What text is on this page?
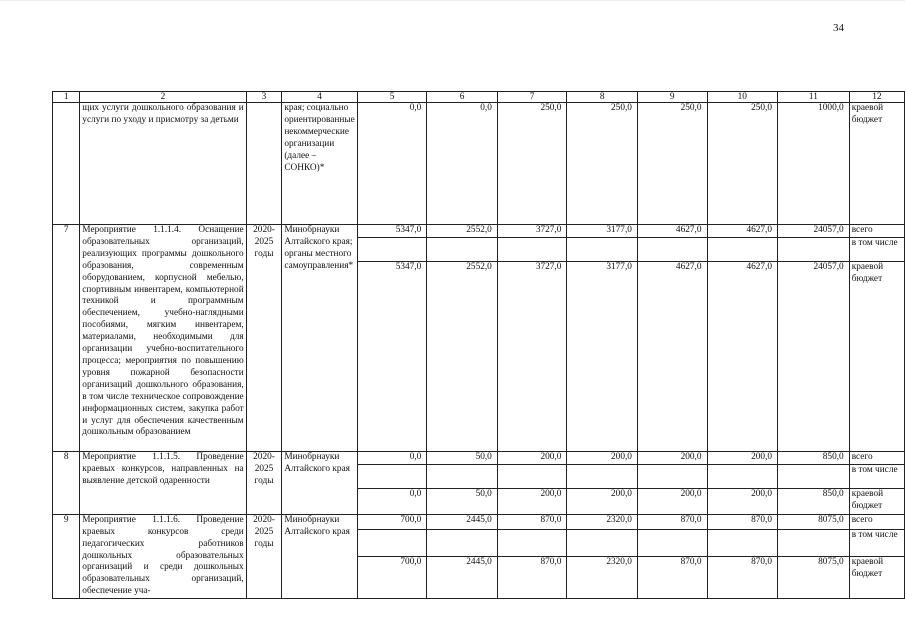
34
1	2	3	4	5	6	7	8	9	10	11	12
	щих услуги дошкольного образования и услуги по уходу и присмотру за детьми		края; социально ориентированные некоммерческие организации (далее – СОНКО)*	0,0	0,0	250,0	250,0	250,0	250,0	1000,0	краевой бюджет
7	Мероприятие 1.1.1.4. Оснащение образовательных организаций, реализующих программы дошкольного образования, современным оборудованием, корпусной мебелью, спортивным инвентарем, компьютерной техникой и программным обеспечением, учебно-наглядными пособиями, мягким инвентарем, материалами, необходимыми для организации учебно-воспитательного процесса; мероприятия по повышению уровня пожарной безопасности организаций дошкольного образования, в том числе техническое сопровождение информационных систем, закупка работ и услуг для обеспечения качественным дошкольным образованием	2020-2025 годы	Минобрнауки Алтайского края; органы местного самоуправления*	5347,0	2552,0	3727,0	3177,0	4627,0	4627,0	24057,0	всего
											в том числе
				5347,0	2552,0	3727,0	3177,0	4627,0	4627,0	24057,0	краевой бюджет
8	Мероприятие 1.1.1.5. Проведение краевых конкурсов, направленных на выявление детской одаренности	2020-2025 годы	Минобрнауки Алтайского края	0,0	50,0	200,0	200,0	200,0	200,0	850,0	всего
											в том числе
				0,0	50,0	200,0	200,0	200,0	200,0	850,0	краевой бюджет
9	Мероприятие 1.1.1.6. Проведение краевых конкурсов среди педагогических работников дошкольных образовательных организаций и среди дошкольных образовательных организаций, обеспечение уча-	2020-2025 годы	Минобрнауки Алтайского края	700,0	2445,0	870,0	2320,0	870,0	870,0	8075,0	всего
											в том числе
				700,0	2445,0	870,0	2320,0	870,0	870,0	8075,0	краевой бюджет
